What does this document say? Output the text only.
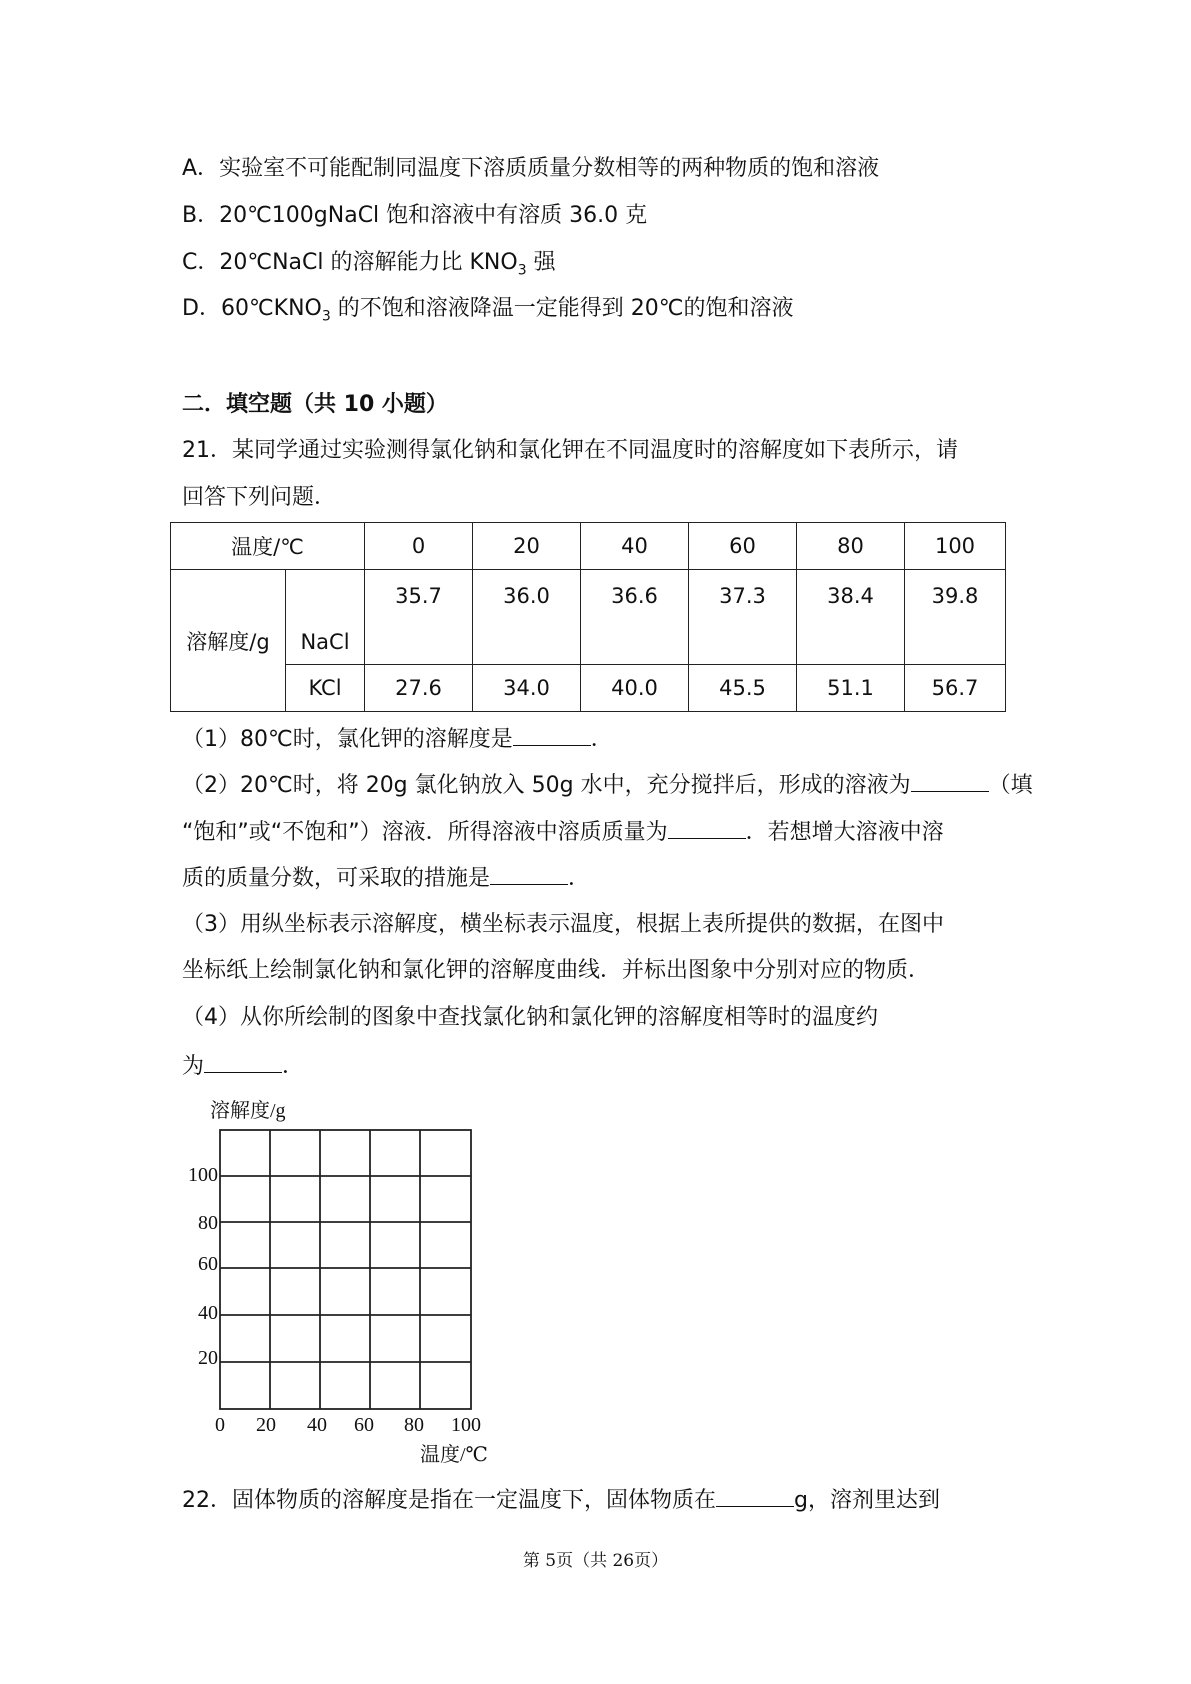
A．实验室不可能配制同温度下溶质质量分数相等的两种物质的饱和溶液
B．20℃100gNaCl 饱和溶液中有溶质 36.0 克
C．20℃NaCl 的溶解能力比 $KNO_3$ 强
D．$60℃KNO_3$ 的不饱和溶液降温一定能得到 20℃的饱和溶液
二．填空题（共 10 小题）
21．某同学通过实验测得氯化钠和氯化钾在不同温度时的溶解度如下表所示，请
回答下列问题．
温度/℃		0	20	40	60	80	100
溶解度/g	NaCl	35.7	36.0	36.6	37.3	38.4	39.8
	KCl	27.6	34.0	40.0	45.5	51.1	56.7
（1）80℃时，氯化钾的溶解度是	．
（2）20℃时，将 20g 氯化钠放入 50g 水中，充分搅拌后，形成的溶液为	（填
“饱和”或“不饱和”）溶液．所得溶液中溶质质量为	．若想增大溶液中溶
质的质量分数，可采取的措施是	．
（3）用纵坐标表示溶解度，横坐标表示温度，根据上表所提供的数据，在图中
坐标纸上绘制氯化钠和氯化钾的溶解度曲线．并标出图象中分别对应的物质．
（4）从你所绘制的图象中查找氯化钠和氯化钾的溶解度相等时的温度约
为	．
溶解度/g
100
80
60
40
20
0 20 40 60 80 100
温度/℃
22．固体物质的溶解度是指在一定温度下，固体物质在	g，溶剂里达到
第 5页（共 26页）
